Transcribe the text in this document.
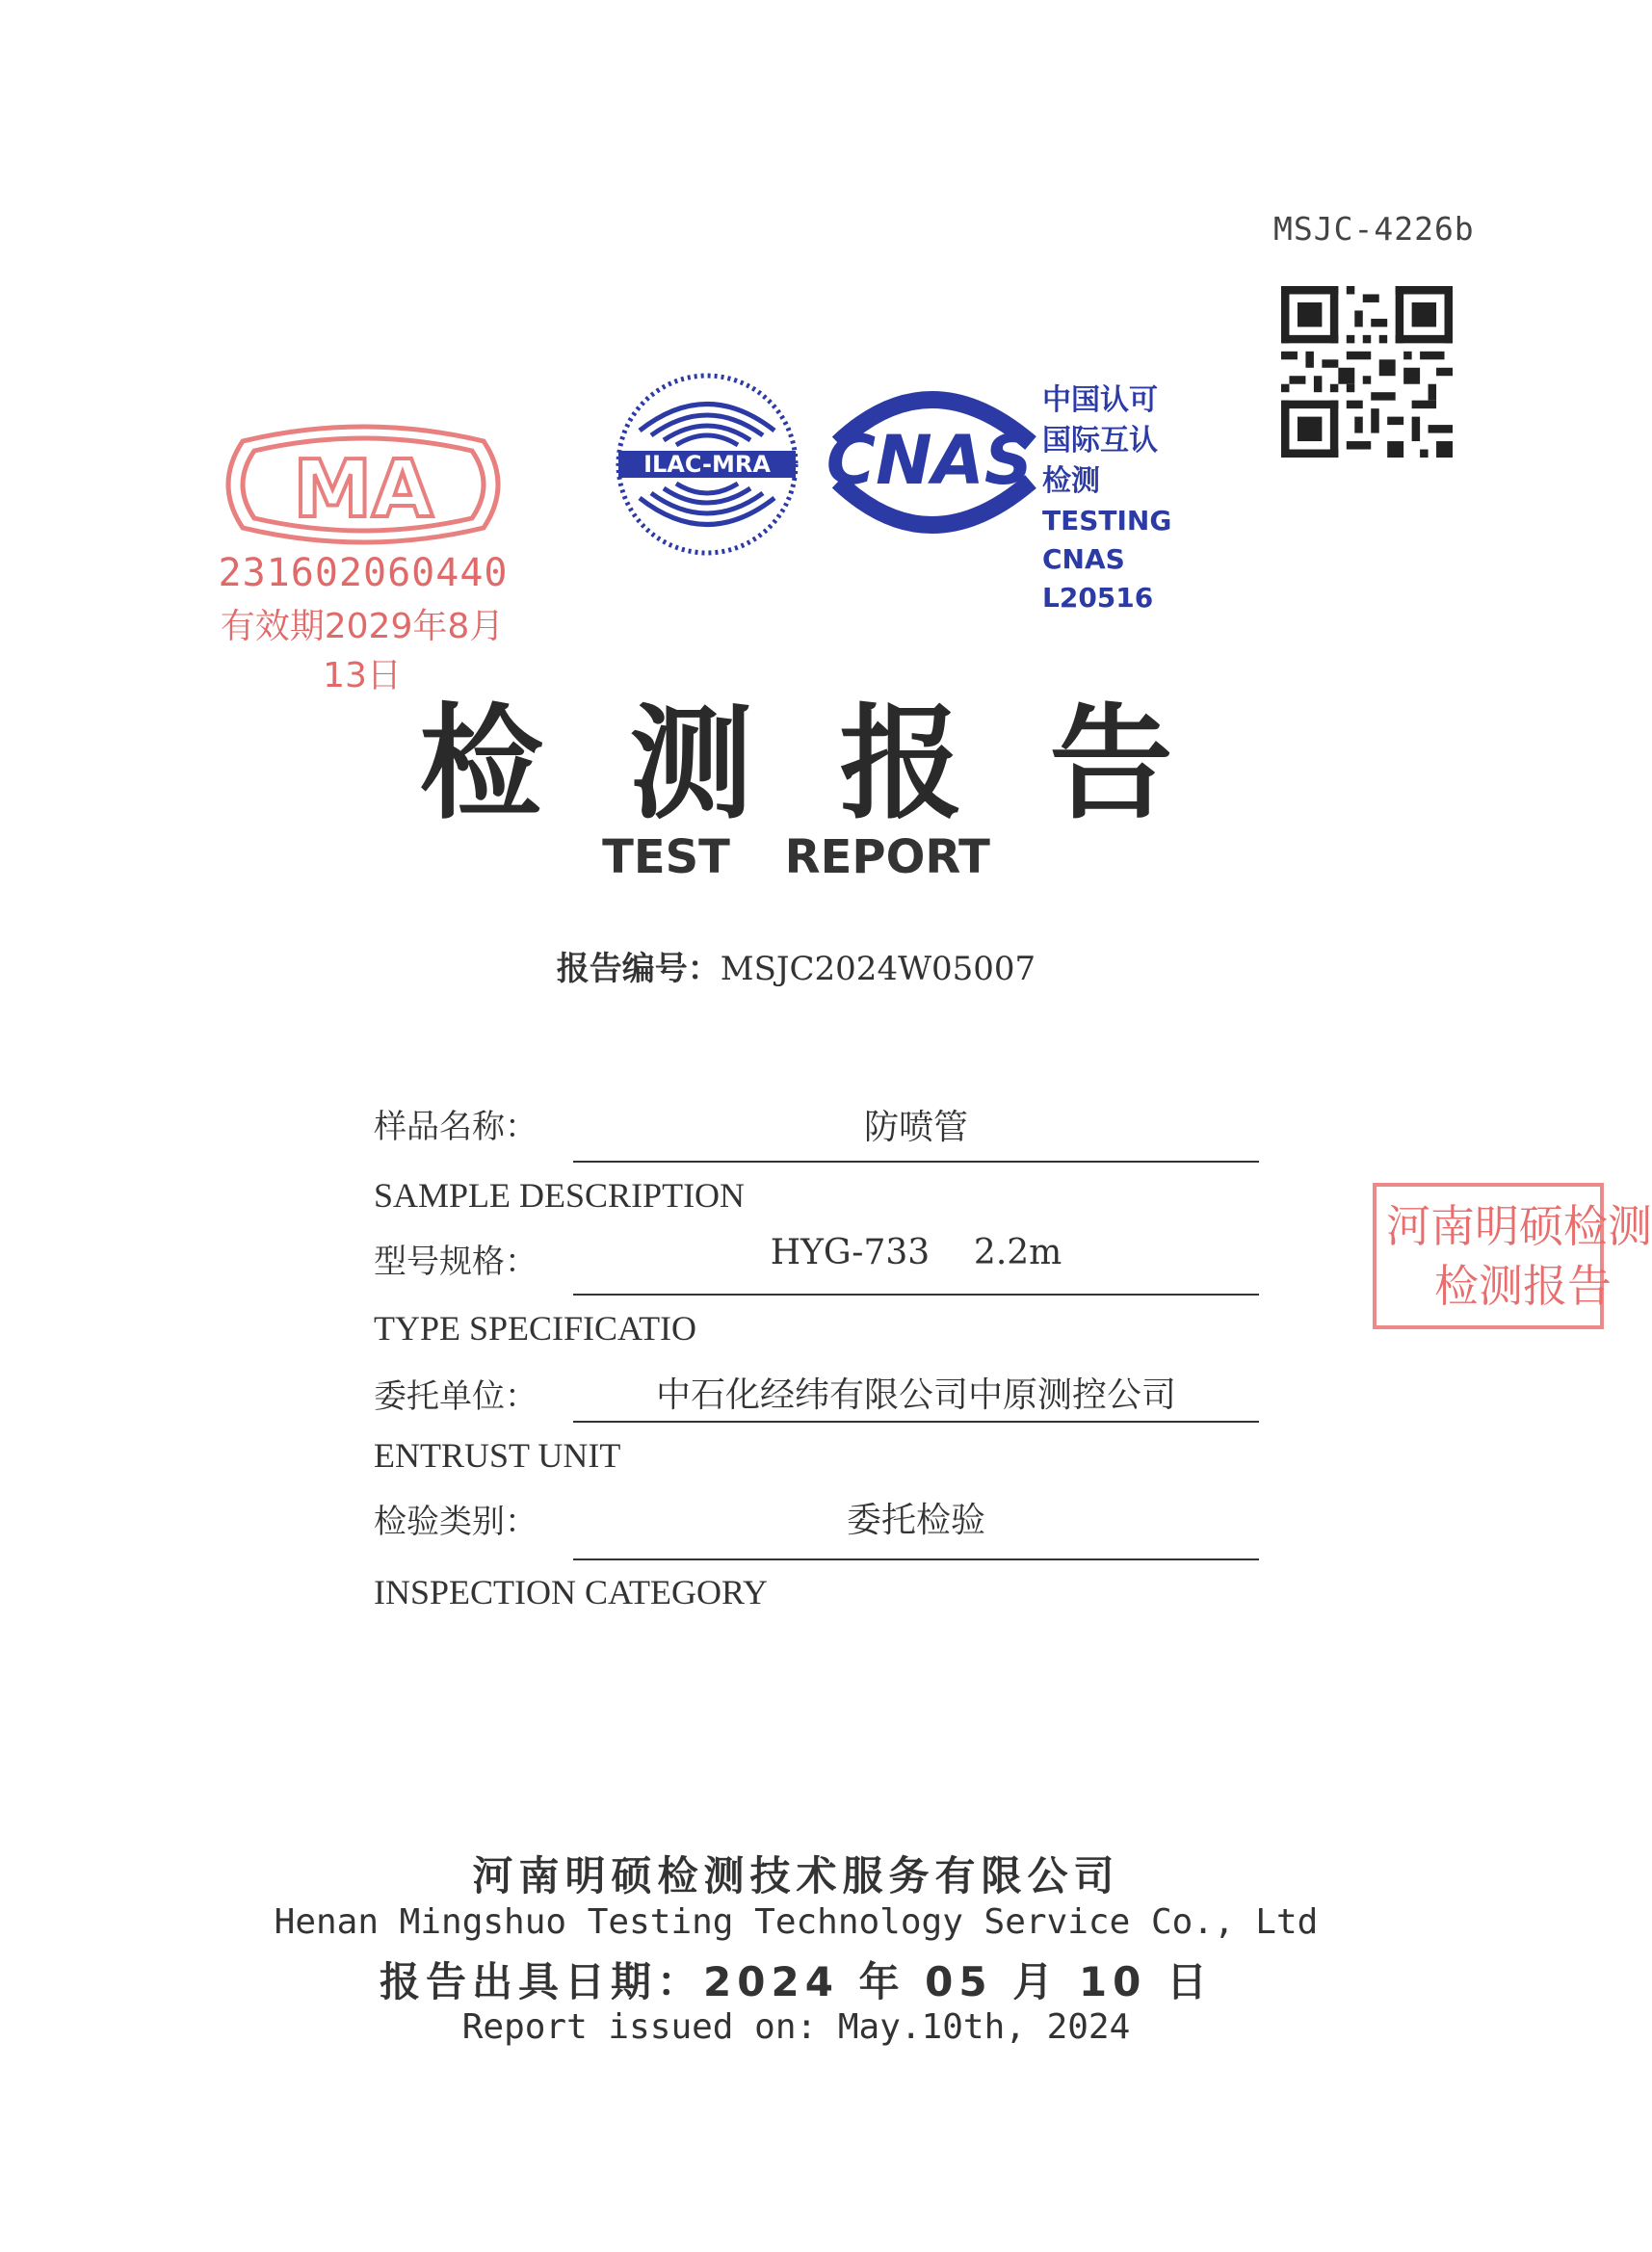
MSJC-4226b
MA
231602060440
有效期2029年8月13日
ILAC-MRA CNAS
中国认可
国际互认
检测
TESTING
CNAS L20516
检测报告
TEST REPORT
报告编号：MSJC2024W05007
样品名称：	防喷管
SAMPLE DESCRIPTION
型号规格：	HYG-733    2.2m
TYPE SPECIFICATIO
委托单位：	中石化经纬有限公司中原测控公司
ENTRUST UNIT
检验类别：	委托检验
INSPECTION CATEGORY
河南明硕检测
检测报告
河南明硕检测技术服务有限公司
Henan Mingshuo Testing Technology Service Co., Ltd
报告出具日期：2024 年 05 月 10 日
Report issued on: May.10th, 2024
